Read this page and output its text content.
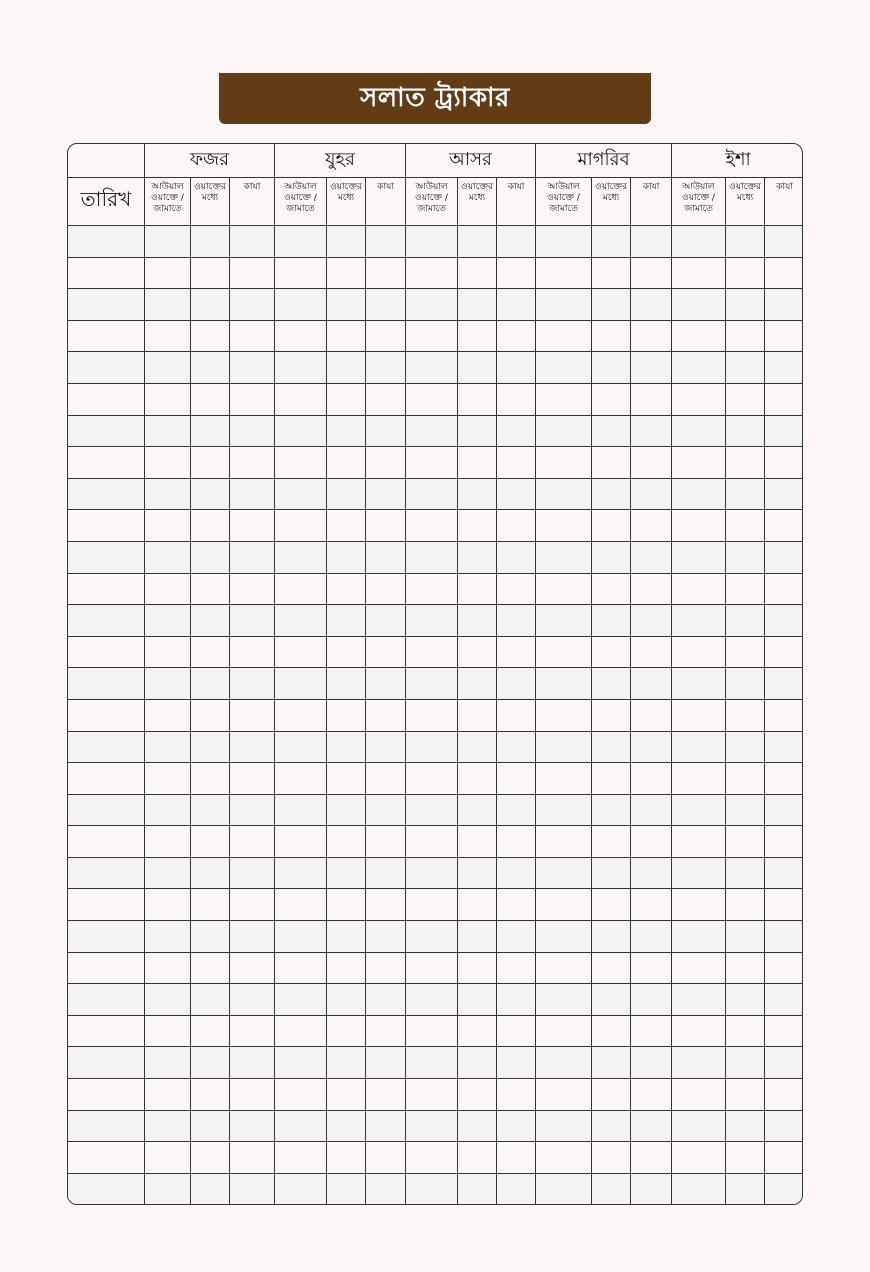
সলাত ট্র্যাকার
	ফজর			যুহর			আসর			মাগরিব			ইশা		
তারিখ	আউয়াল ওয়াক্তে / জামাতে	ওয়াক্তের মধ্যে	কাযা	আউয়াল ওয়াক্তে / জামাতে	ওয়াক্তের মধ্যে	কাযা	আউয়াল ওয়াক্তে / জামাতে	ওয়াক্তের মধ্যে	কাযা	আউয়াল ওয়াক্তে / জামাতে	ওয়াক্তের মধ্যে	কাযা	আউয়াল ওয়াক্তে / জামাতে	ওয়াক্তের মধ্যে	কাযা
